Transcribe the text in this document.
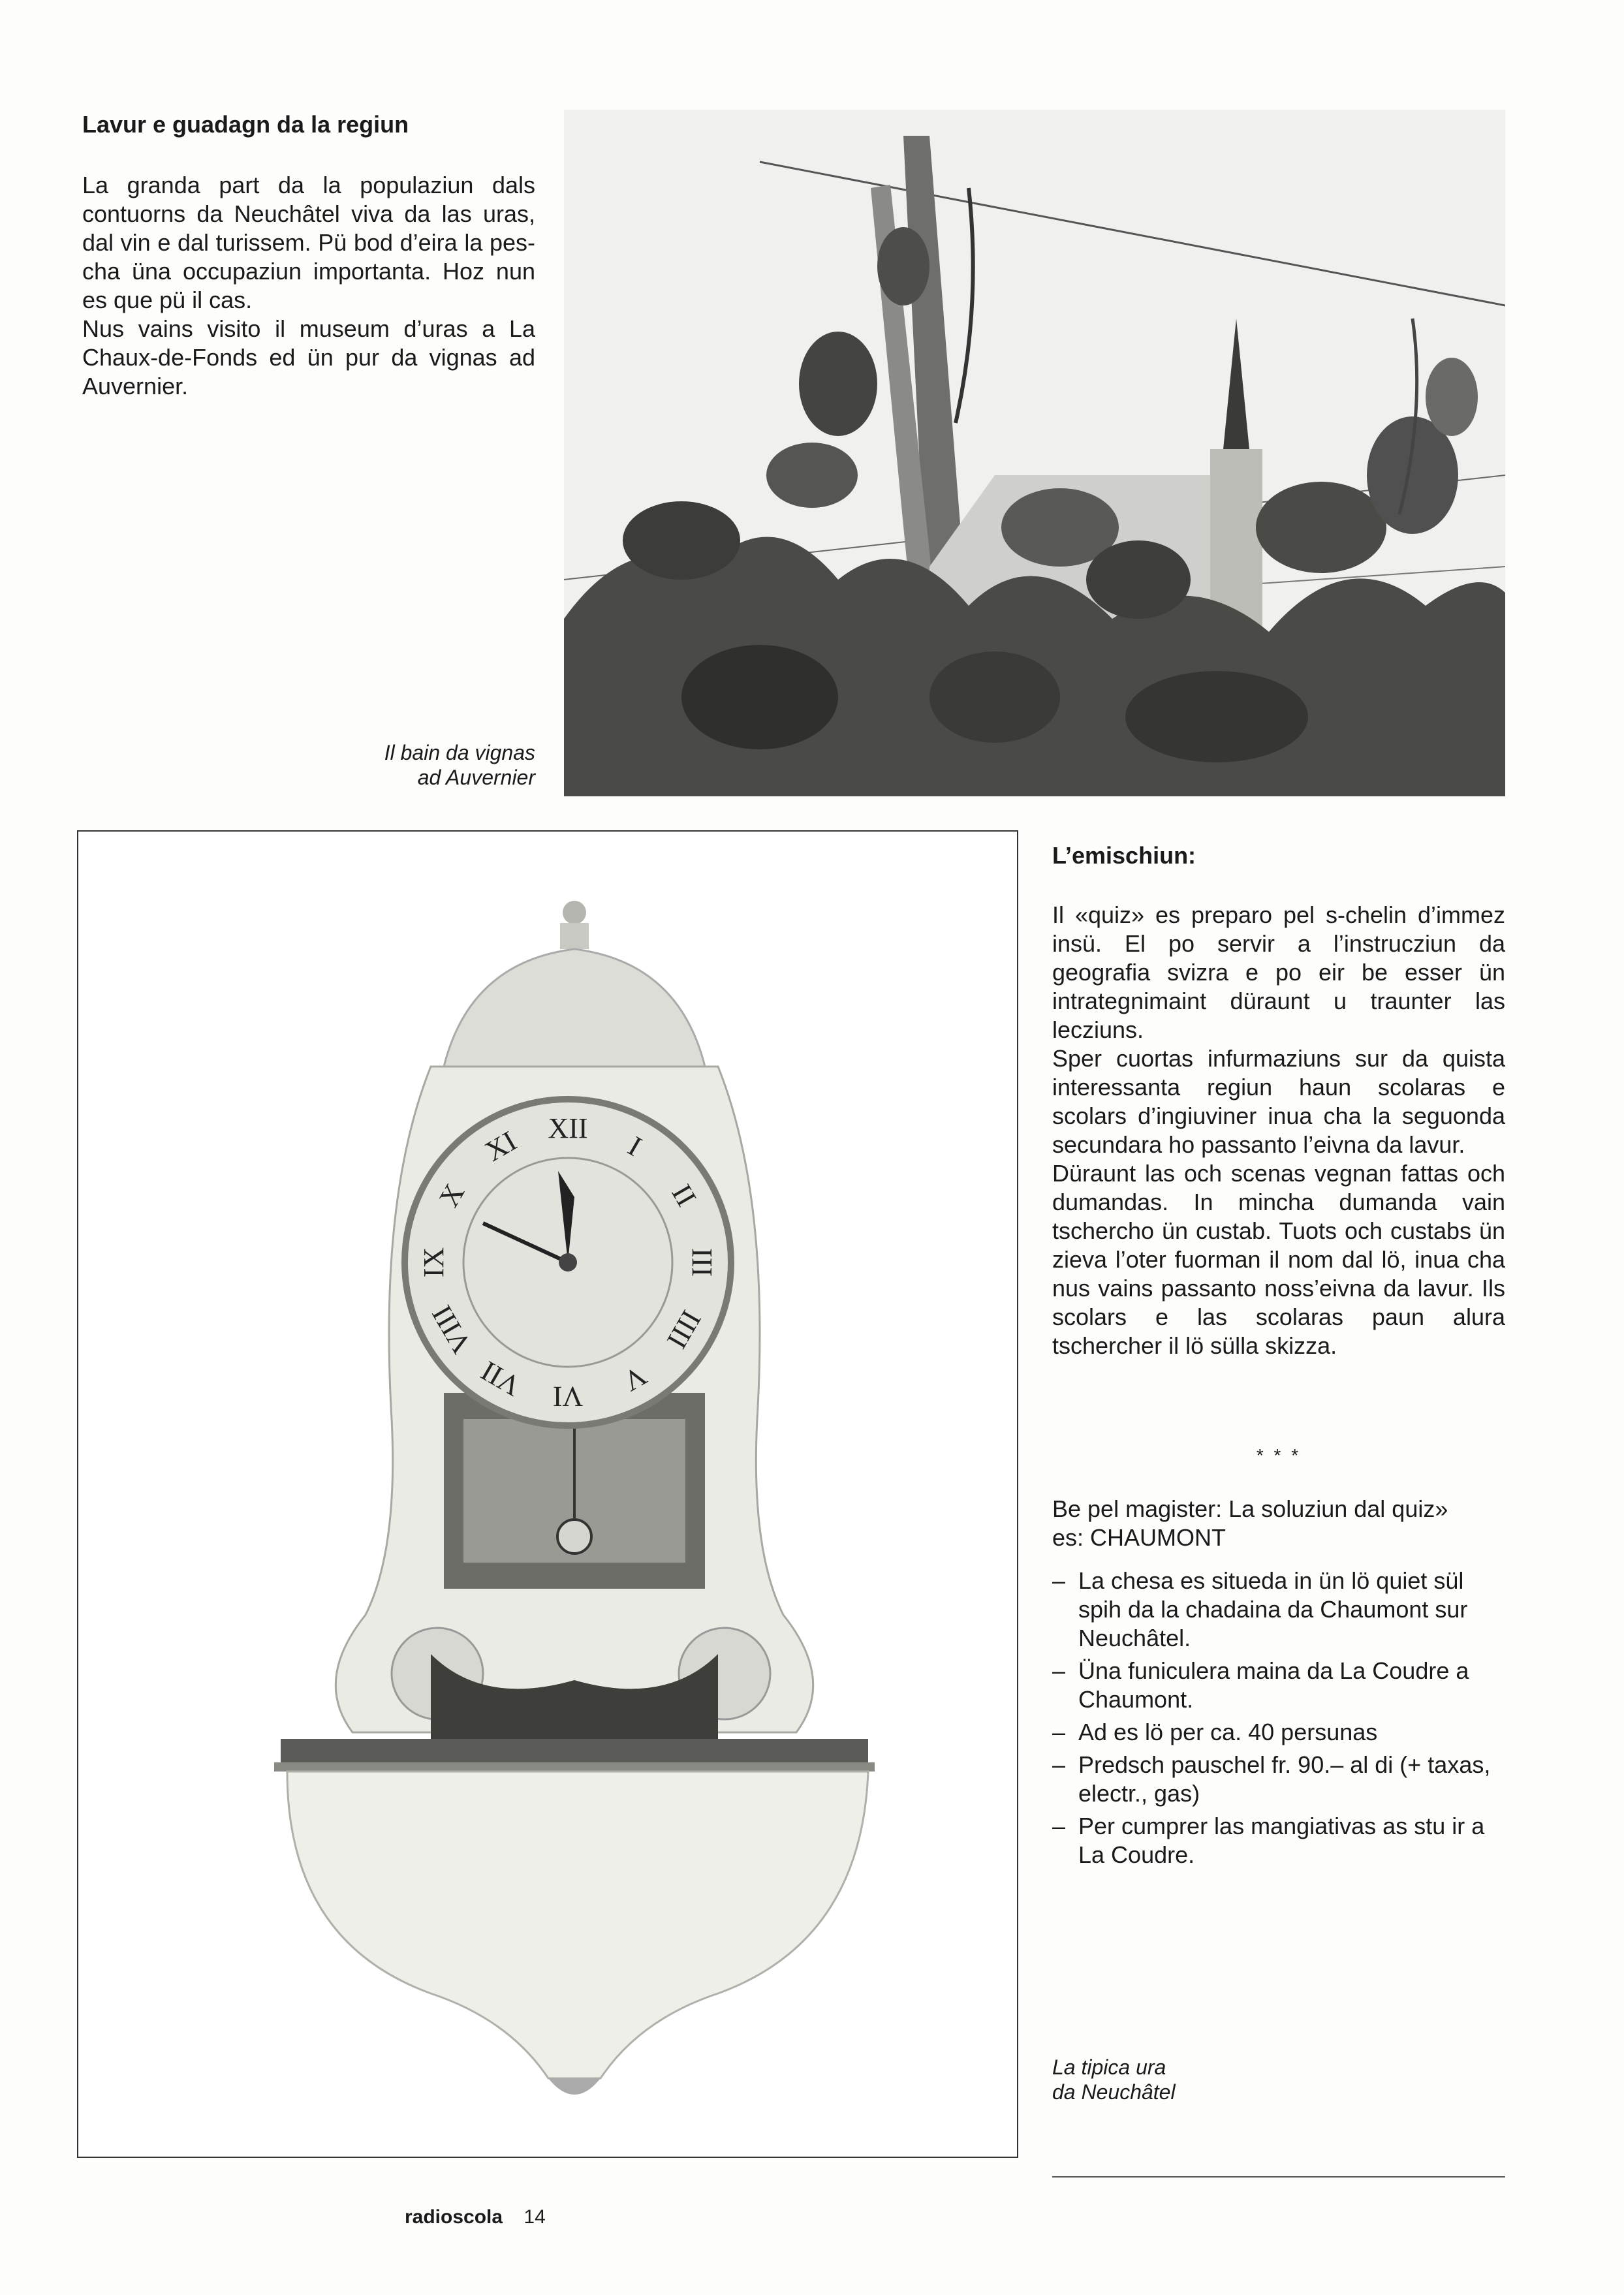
Lavur e guadagn da la regiun

La granda part da la populaziun dals contuorns da Neuchâtel viva da las uras, dal vin e dal turissem. Pü bod d’eira la pes-cha üna occupaziun importanta. Hoz nun es que pü il cas.

Nus vains visito il museum d’uras a La Chaux-de-Fonds ed ün pur da vignas ad Auvernier.

Il bain da vignas
ad Auvernier
XII
I
II
III
IIII
V
VI
VII
VIII
IX
X
XI
La tipica ura
da Neuchâtel
L’emischiun:

Il «quiz» es preparo pel s-chelin d’immez insü. El po servir a l’instrucziun da geografia svizra e po eir be esser ün intrategnimaint düraunt u traunter las lecziuns.

Sper cuortas infurmaziuns sur da quista interessanta regiun haun scolaras e scolars d’ingiuviner inua cha la seguonda secundara ho passanto l’eivna da lavur.

Düraunt las och scenas vegnan fattas och dumandas. In mincha dumanda vain tschercho ün custab. Tuots och custabs ün zieva l’oter fuorman il nom dal lö, inua cha nus vains passanto noss’eivna da lavur. Ils scolars e las scolaras paun alura tschercher il lö sülla skizza.

* * *
Be pel magister: La soluziun dal quiz»
es: CHAUMONT
– La chesa es situeda in ün lö quiet sül spih da la chadaina da Chaumont sur Neuchâtel.
– Üna funiculera maina da La Coudre a Chaumont.
– Ad es lö per ca. 40 persunas
– Predsch pauschel fr. 90.– al di (+ taxas, electr., gas)
– Per cumprer las mangiativas as stu ir a La Coudre.
radioscola 14
